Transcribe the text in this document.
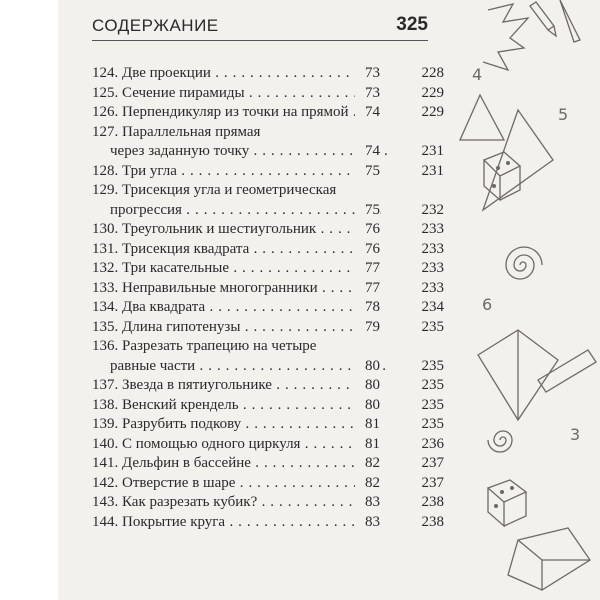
СОДЕРЖАНИЕ	325
124. Две проекции . . .	73	228
125. Сечение пирамиды . . .	73	229
126. Перпендикуляр из точки на прямой . . .	74	229
127. Параллельная прямая
через заданную точку . . .	74	231
128. Три угла . . .	75	231
129. Трисекция угла и геометрическая
прогрессия . . .	75	232
130. Треугольник и шестиугольник . . .	76	233
131. Трисекция квадрата . . .	76	233
132. Три касательные . . .	77	233
133. Неправильные многогранники . . .	77	233
134. Два квадрата . . .	78	234
135. Длина гипотенузы . . .	79	235
136. Разрезать трапецию на четыре
равные части . . .	80	235
137. Звезда в пятиугольнике . . .	80	235
138. Венский крендель . . .	80	235
139. Разрубить подкову . . .	81	235
140. С помощью одного циркуля . . .	81	236
141. Дельфин в бассейне . . .	82	237
142. Отверстие в шаре . . .	82	237
143. Как разрезать кубик? . . .	83	238
144. Покрытие круга . . .	83	238
4
5
6
3
